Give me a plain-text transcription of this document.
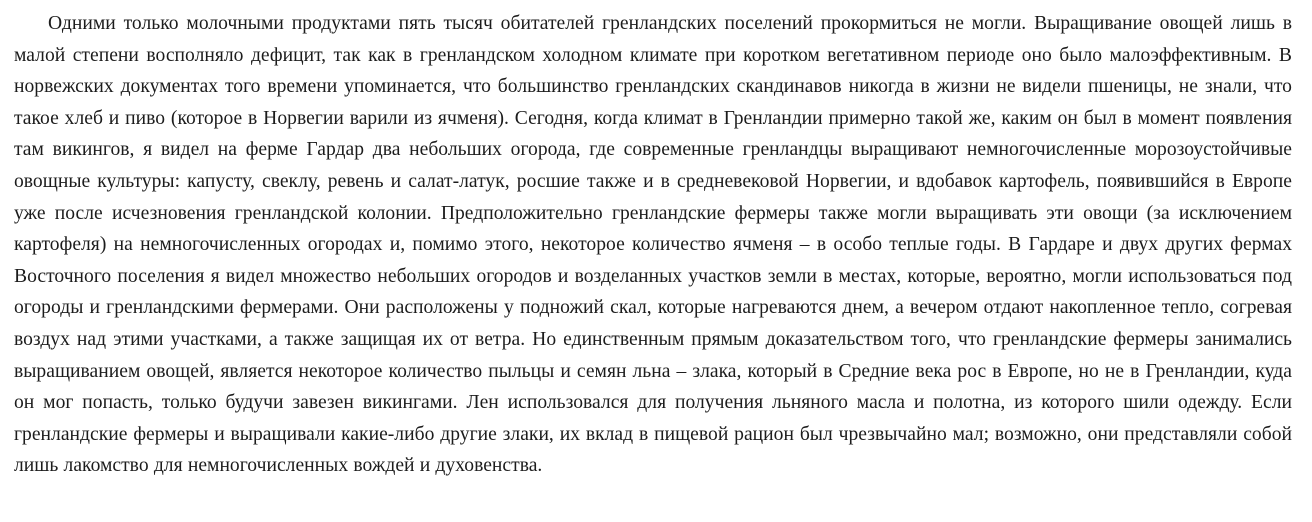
Одними только молочными продуктами пять тысяч обитателей гренландских поселений прокормиться не могли. Выращивание овощей лишь в малой степени восполняло дефицит, так как в гренландском холодном климате при коротком вегетативном периоде оно было малоэффективным. В норвежских документах того времени упоминается, что большинство гренландских скандинавов никогда в жизни не видели пшеницы, не знали, что такое хлеб и пиво (которое в Норвегии варили из ячменя). Сегодня, когда климат в Гренландии примерно такой же, каким он был в момент появления там викингов, я видел на ферме Гардар два небольших огорода, где современные гренландцы выращивают немногочисленные морозоустойчивые овощные культуры: капусту, свеклу, ревень и салат-латук, росшие также и в средневековой Норвегии, и вдобавок картофель, появившийся в Европе уже после исчезновения гренландской колонии. Предположительно гренландские фермеры также могли выращивать эти овощи (за исключением картофеля) на немногочисленных огородах и, помимо этого, некоторое количество ячменя – в особо теплые годы. В Гардаре и двух других фермах Восточного поселения я видел множество небольших огородов и возделанных участков земли в местах, которые, вероятно, могли использоваться под огороды и гренландскими фермерами. Они расположены у подножий скал, которые нагреваются днем, а вечером отдают накопленное тепло, согревая воздух над этими участками, а также защищая их от ветра. Но единственным прямым доказательством того, что гренландские фермеры занимались выращиванием овощей, является некоторое количество пыльцы и семян льна – злака, который в Средние века рос в Европе, но не в Гренландии, куда он мог попасть, только будучи завезен викингами. Лен использовался для получения льняного масла и полотна, из которого шили одежду. Если гренландские фермеры и выращивали какие-либо другие злаки, их вклад в пищевой рацион был чрезвычайно мал; возможно, они представляли собой лишь лакомство для немногочисленных вождей и духовенства.
